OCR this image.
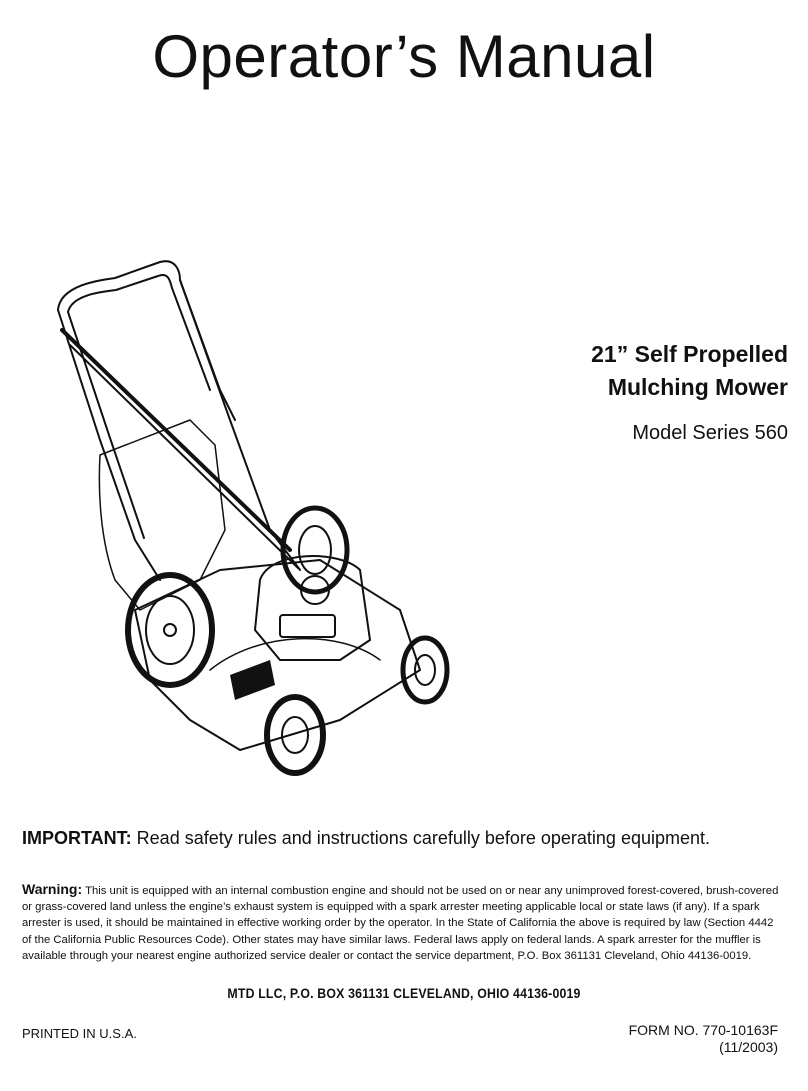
Operator’s Manual
21” Self Propelled
Mulching Mower
Model Series 560
IMPORTANT: Read safety rules and instructions carefully before operating equipment.
Warning: This unit is equipped with an internal combustion engine and should not be used on or near any unimproved forest-covered, brush-covered or grass-covered land unless the engine’s exhaust system is equipped with a spark arrester meeting applicable local or state laws (if any). If a spark arrester is used, it should be maintained in effective working order by the operator. In the State of California the above is required by law (Section 4442 of the California Public Resources Code). Other states may have similar laws. Federal laws apply on federal lands. A spark arrester for the muffler is available through your nearest engine authorized service dealer or contact the service department, P.O. Box 361131 Cleveland, Ohio 44136-0019.
MTD LLC, P.O. BOX 361131 CLEVELAND, OHIO 44136-0019
PRINTED IN U.S.A.	FORM NO. 770-10163F
(11/2003)
